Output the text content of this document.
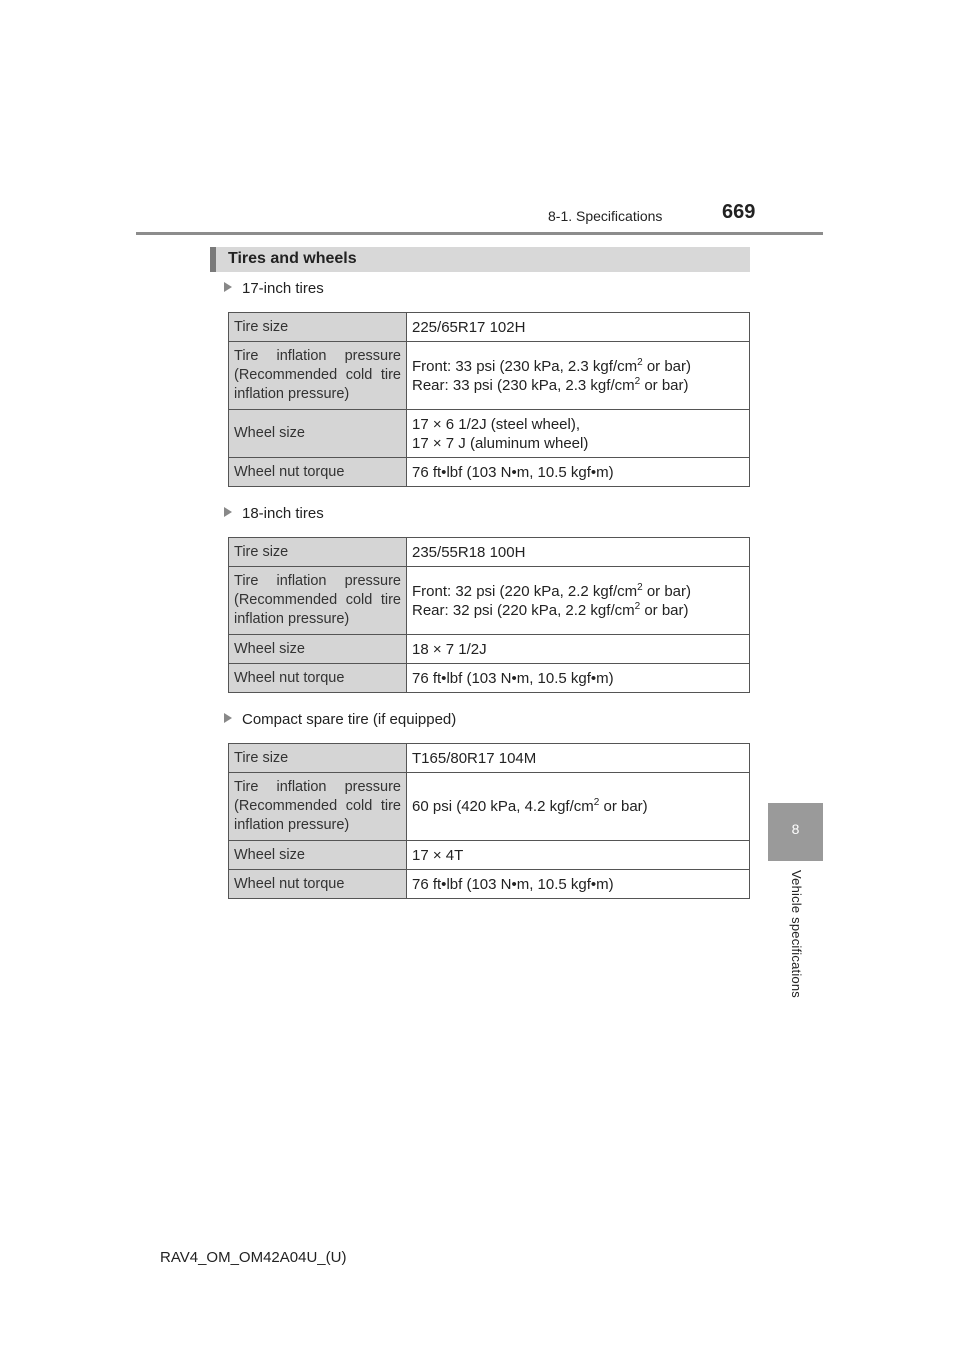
8-1. Specifications	669
8
Vehicle specifications
Tires and wheels
17-inch tires
Tire size	225/65R17 102H
Tire inflation pressure (Recommended cold tire inflation pressure)	Front: 33 psi (230 kPa, 2.3 kgf/$cm^2$ or bar)
Rear: 33 psi (230 kPa, 2.3 kgf/$cm^2$ or bar)
Wheel size	17 × 6 1/2J (steel wheel),
17 × 7 J (aluminum wheel)
Wheel nut torque	76 ft•lbf (103 N•m, 10.5 kgf•m)
18-inch tires
Tire size	235/55R18 100H
Tire inflation pressure (Recommended cold tire inflation pressure)	Front: 32 psi (220 kPa, 2.2 kgf/$cm^2$ or bar)
Rear: 32 psi (220 kPa, 2.2 kgf/$cm^2$ or bar)
Wheel size	18 × 7 1/2J
Wheel nut torque	76 ft•lbf (103 N•m, 10.5 kgf•m)
Compact spare tire (if equipped)
Tire size	T165/80R17 104M
Tire inflation pressure (Recommended cold tire inflation pressure)	60 psi (420 kPa, 4.2 kgf/$cm^2$ or bar)
Wheel size	17 × 4T
Wheel nut torque	76 ft•lbf (103 N•m, 10.5 kgf•m)
RAV4_OM_OM42A04U_(U)
